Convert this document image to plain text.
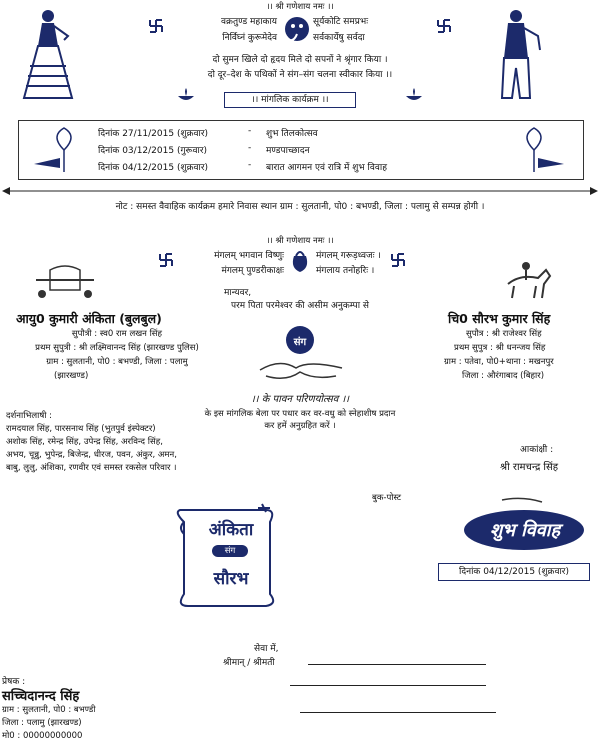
।। श्री गणेशाय नमः ।।
वक्रतुण्ड महाकाय	सूर्यकोटि समप्रभः
निर्विघ्नं कुरूमेदेव	सर्वकार्येषु सर्वदा
दो सुमन खिले दो हृदय मिले दो सपनों ने श्रृंगार किया ।
दो दूर–देश के पथिकों ने संग–संग चलना स्वीकार किया ।।
।। मांगलिक कार्यक्रम ।।
दिनांक 27/11/2015 (शुक्रवार)	-	शुभ तिलकोत्सव
दिनांक 03/12/2015 (गुरूवार)	-	मण्डपाच्छादन
दिनांक 04/12/2015 (शुक्रवार)	-	बारात आगमन एवं रात्रि में शुभ विवाह
नोट : समस्त वैवाहिक कार्यक्रम हमारे निवास स्थान ग्राम : सुलतानी, पो0 : बभण्डी, जिला : पलामु से सम्पन्न होगी ।
।। श्री गणेशाय नमः ।।
मंगलम् भगवान विष्णुः	मंगलम् गरूड़ध्वजः ।
मंगलम् पुण्डरीकाक्षः	मंगलाय तनोहरिः ।
मान्यवर,
परम पिता परमेश्वर की असीम अनुकम्पा से
आयु0 कुमारी अंकिता (बुलबुल)
सुपौत्री : स्व0 राम लखन सिंह
प्रथम सुपुत्री : श्री लक्ष्मिवानन्द सिंह (झारखण्ड पुलिस)
ग्राम : सुलतानी, पो0 : बभण्डी, जिला : पलामु
(झारखण्ड)
चि0 सौरभ कुमार सिंह
सुपौत्र : श्री राजेश्वर सिंह
प्रथम सुपुत्र : श्री धनन्जय सिंह
ग्राम : पतेवा, पो0+थाना : मखनपुर
जिला : औरंगाबाद (बिहार)
संग
।। के पावन परिणयोत्सव ।।
के इस मांगलिक बेला पर पधार कर वर-वधु को स्नेहाशीष प्रदान
कर हमें अनुग्रहित करें ।
दर्शनाभिलाषी :
रामदयाल सिंह, पारसनाथ सिंह (भुतपुर्व इंस्पेक्टर)
अशोक सिंह, रमेन्द्र सिंह, उपेन्द्र सिंह, अरविन्द सिंह,
अभय, चून्नु, भुपेन्द्र, बिजेन्द्र, धीरज, पवन, अंकुर, अमन,
बाबु, लुलु, अंशिका, रणवीर एवं समस्त रकसेल परिवार ।
आकांक्षी :
श्री रामचन्द्र सिंह
बुक-पोस्ट
अंकिता
संग
सौरभ
शुभ विवाह
दिनांक 04/12/2015 (शुक्रवार)
सेवा में,
श्रीमान् / श्रीमती
प्रेषक :
सच्चिदानन्द सिंह
ग्राम : सुलतानी, पो0 : बभण्डी
जिला : पलामु (झारखण्ड)
मो0 : 00000000000
